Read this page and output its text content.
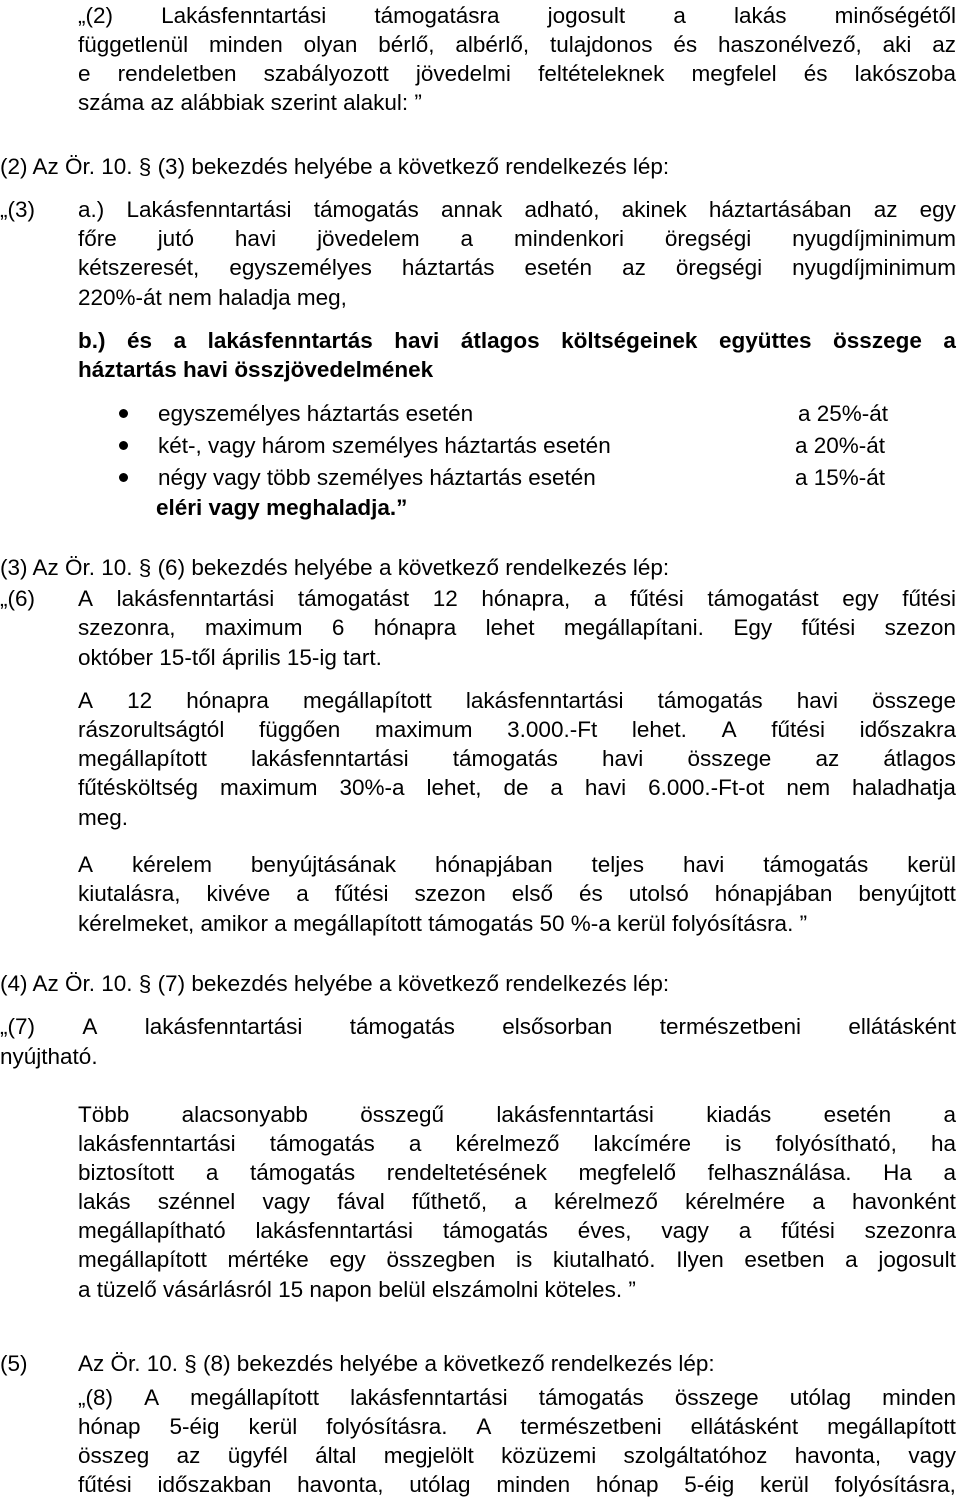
„(2) Lakásfenntartási támogatásra jogosult a lakás minőségétől
függetlenül minden olyan bérlő, albérlő, tulajdonos és haszonélvező, aki az
e rendeletben szabályozott jövedelmi feltételeknek megfelel és lakószoba
száma az alábbiak szerint alakul: ”
(2) Az Ör. 10. § (3) bekezdés helyébe a következő rendelkezés lép:
„(3) a.) Lakásfenntartási támogatás annak adható, akinek háztartásában az egy
főre jutó havi jövedelem a mindenkori öregségi nyugdíjminimum
kétszeresét, egyszemélyes háztartás esetén az öregségi nyugdíjminimum
220%-át nem haladja meg,
b.) és a lakásfenntartás havi átlagos költségeinek együttes összege a
háztartás havi összjövedelmének
egyszemélyes háztartás esetén	a 25%-át
két-, vagy három személyes háztartás esetén	a 20%-át
négy vagy több személyes háztartás esetén	a 15%-át
eléri vagy meghaladja.”
(3) Az Ör. 10. § (6) bekezdés helyébe a következő rendelkezés lép:
„(6) A lakásfenntartási támogatást 12 hónapra, a fűtési támogatást egy fűtési
szezonra, maximum 6 hónapra lehet megállapítani. Egy fűtési szezon
október 15-től április 15-ig tart.
A 12 hónapra megállapított lakásfenntartási támogatás havi összege
rászorultságtól függően maximum 3.000.-Ft lehet. A fűtési időszakra
megállapított lakásfenntartási támogatás havi összege az átlagos
fűtésköltség maximum 30%-a lehet, de a havi 6.000.-Ft-ot nem haladhatja
meg.
A kérelem benyújtásának hónapjában teljes havi támogatás kerül
kiutalásra, kivéve a fűtési szezon első és utolsó hónapjában benyújtott
kérelmeket, amikor a megállapított támogatás 50 %-a kerül folyósításra. ”
(4) Az Ör. 10. § (7) bekezdés helyébe a következő rendelkezés lép:
„(7) A lakásfenntartási támogatás elsősorban természetbeni ellátásként
nyújtható.
Több alacsonyabb összegű lakásfenntartási kiadás esetén a
lakásfenntartási támogatás a kérelmező lakcímére is folyósítható, ha
biztosított a támogatás rendeltetésének megfelelő felhasználása. Ha a
lakás szénnel vagy fával fűthető, a kérelmező kérelmére a havonként
megállapítható lakásfenntartási támogatás éves, vagy a fűtési szezonra
megállapított mértéke egy összegben is kiutalható. Ilyen esetben a jogosult
a tüzelő vásárlásról 15 napon belül elszámolni köteles. ”
(5) Az Ör. 10. § (8) bekezdés helyébe a következő rendelkezés lép:
„(8) A megállapított lakásfenntartási támogatás összege utólag minden
hónap 5-éig kerül folyósításra. A természetbeni ellátásként megállapított
összeg az ügyfél által megjelölt közüzemi szolgáltatóhoz havonta, vagy
fűtési időszakban havonta, utólag minden hónap 5-éig kerül folyósításra,
